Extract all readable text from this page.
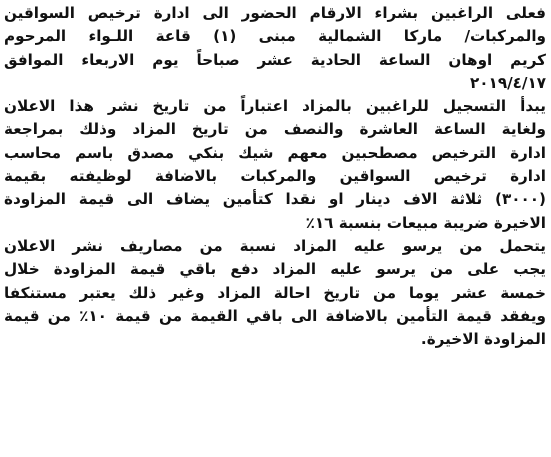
فعلى الراغبين بشراء الارقام الحضور الى ادارة ترخيص السواقين
والمركبات/ ماركا الشمالية مبنى (١) قاعة اللـواء المرحوم
كريم اوهان الساعة الحادية عشر صباحاً يوم الاربعاء الموافق
٢٠١٩/٤/١٧
يبدأ التسجيل للراغبين بالمزاد اعتباراً من تاريخ نشر هذا الاعلان
ولغاية الساعة العاشرة والنصف من تاريخ المزاد وذلك بمراجعة
ادارة الترخيص مصطحبين معهم شيك بنكي مصدق باسم محاسب
ادارة ترخيص السواقين والمركبات بالاضافة لوظيفته بقيمة
(٣٠٠٠) ثلاثة الاف دينار او نقدا كتأمين يضاف الى قيمة المزاودة
الاخيرة ضريبة مبيعات بنسبة ١٦٪
يتحمل من يرسو عليه المزاد نسبة من مصاريف نشر الاعلان
يجب على من يرسو عليه المزاد دفع باقي قيمة المزاودة خلال
خمسة عشر يوما من تاريخ احالة المزاد وغير ذلك يعتبر مستنكفا
ويفقد قيمة التأمين بالاضافة الى باقي القيمة من قيمة ١٠٪ من قيمة
المزاودة الاخيرة.
